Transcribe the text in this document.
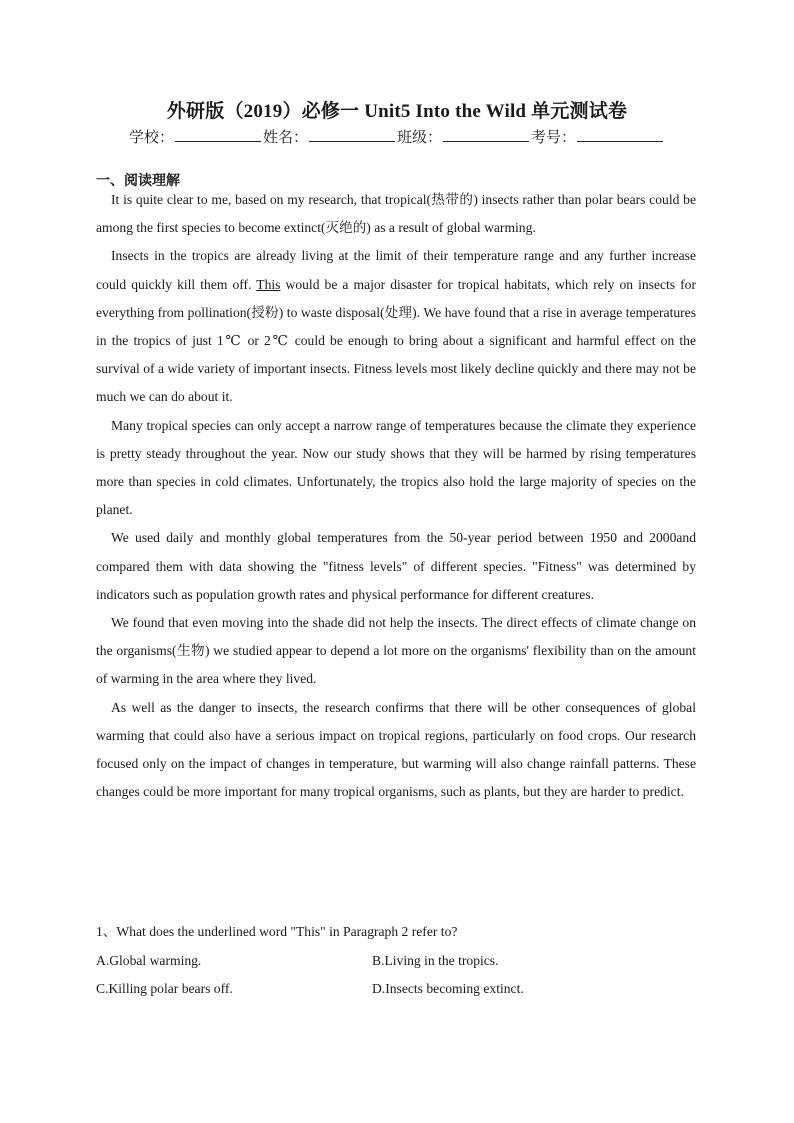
外研版（2019）必修一 Unit5 Into the Wild 单元测试卷
学校：	姓名：	班级：	考号：
一、阅读理解

It is quite clear to me, based on my research, that tropical(热带的) insects rather than polar bears could be among the first species to become extinct(灭绝的) as a result of global warming.

Insects in the tropics are already living at the limit of their temperature range and any further increase could quickly kill them off. This would be a major disaster for tropical habitats, which rely on insects for everything from pollination(授粉) to waste disposal(处理). We have found that a rise in average temperatures in the tropics of just 1℃ or 2℃ could be enough to bring about a significant and harmful effect on the survival of a wide variety of important insects. Fitness levels most likely decline quickly and there may not be much we can do about it.

Many tropical species can only accept a narrow range of temperatures because the climate they experience is pretty steady throughout the year. Now our study shows that they will be harmed by rising temperatures more than species in cold climates. Unfortunately, the tropics also hold the large majority of species on the planet.

We used daily and monthly global temperatures from the 50-year period between 1950 and 2000and compared them with data showing the "fitness levels" of different species. "Fitness" was determined by indicators such as population growth rates and physical performance for different creatures.

We found that even moving into the shade did not help the insects. The direct effects of climate change on the organisms(生物) we studied appear to depend a lot more on the organisms' flexibility than on the amount of warming in the area where they lived.

As well as the danger to insects, the research confirms that there will be other consequences of global warming that could also have a serious impact on tropical regions, particularly on food crops. Our research focused only on the impact of changes in temperature, but warming will also change rainfall patterns. These changes could be more important for many tropical organisms, such as plants, but they are harder to predict.

1、What does the underlined word "This" in Paragraph 2 refer to?
A.Global warming.	B.Living in the tropics.
C.Killing polar bears off.	D.Insects becoming extinct.
